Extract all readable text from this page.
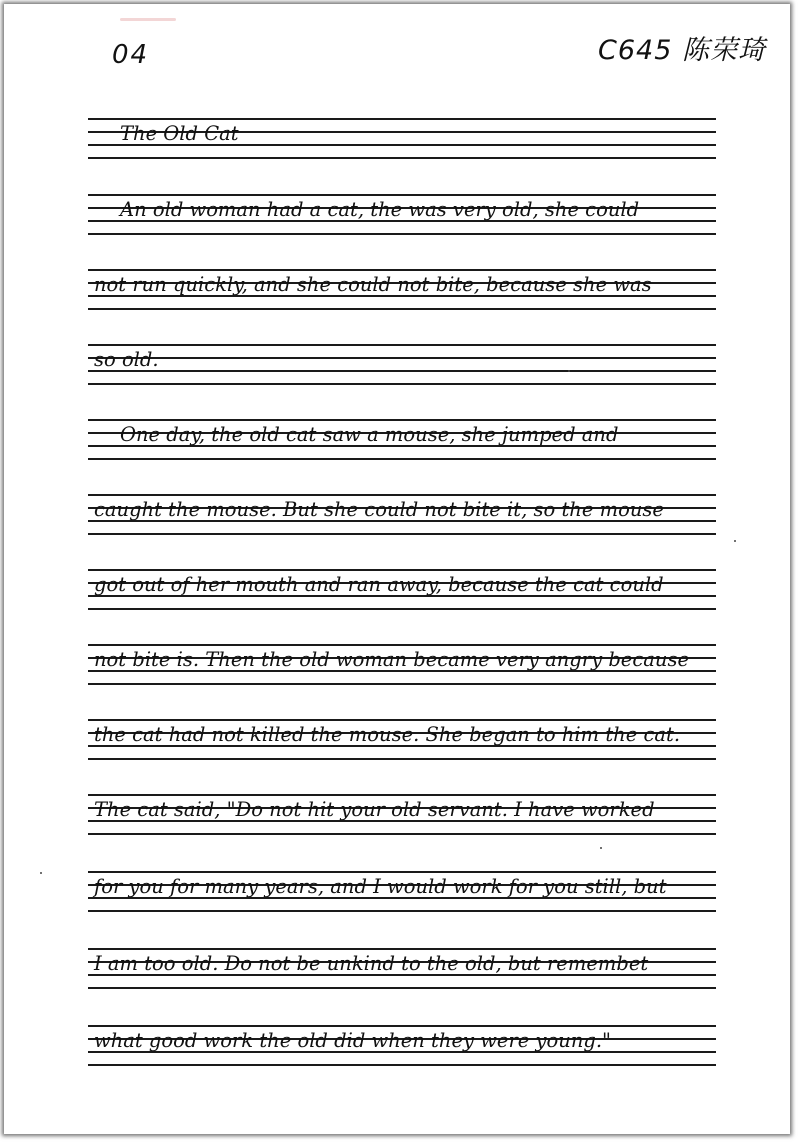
04	C645 陈荣琦
The Old Cat
An old woman had a cat, the was very old, she could
not run quickly, and she could not bite, because she was
so old.
One day, the old cat saw a mouse, she jumped and
caught the mouse. But she could not bite it, so the mouse
got out of her mouth and ran away, because the cat could
not bite is. Then the old woman became very angry because
the cat had not killed the mouse. She began to him the cat.
The cat said, "Do not hit your old servant. I have worked
for you for many years, and I would work for you still, but
I am too old. Do not be unkind to the old, but remembet
what good work the old did when they were young."
